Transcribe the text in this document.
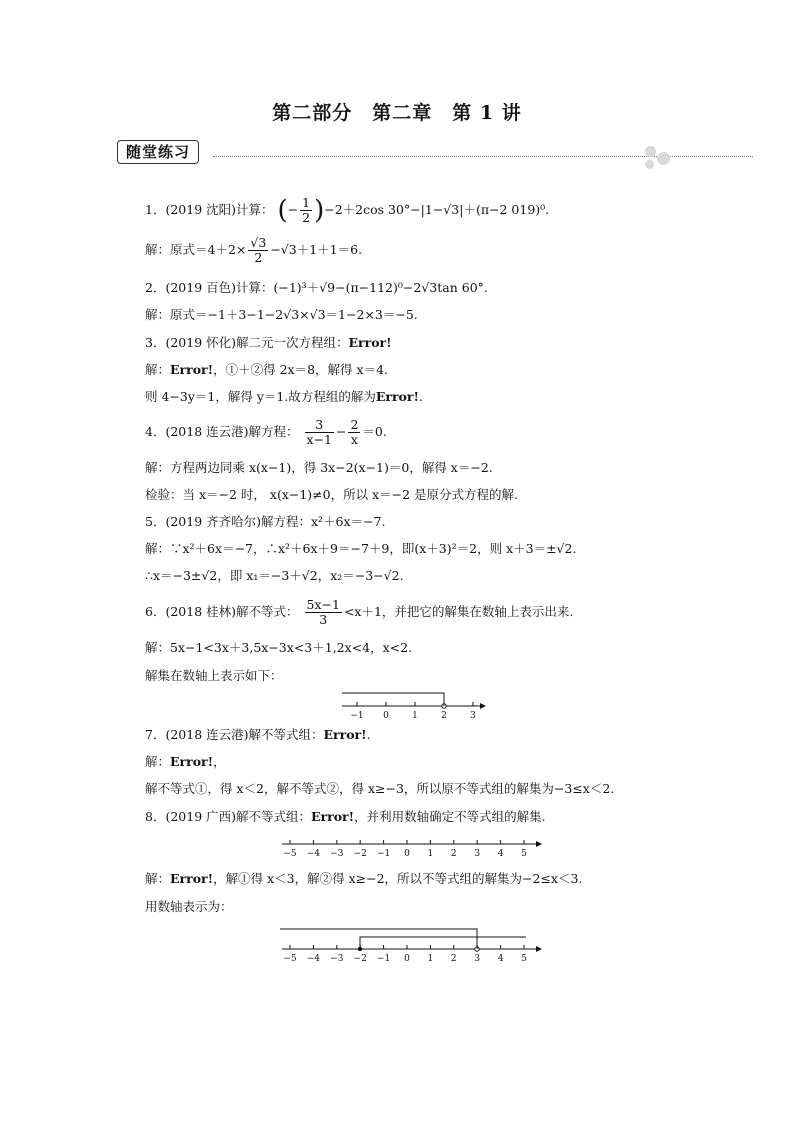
第二部分　第二章　第 1 讲
随堂练习
1．(2019 沈阳)计算： (− $\frac{1}{2} )-2+2\cos$ 30°−|1−√3|＋(π−2 019)⁰.
解：原式$=4+2\times \frac{√3}{2} -√3+1+1=6$.
2．(2019 百色)计算：(−1)³＋√9−(π−112)⁰−2√3tan 60°.
解：原式＝−1＋3−1−2√3×√3＝1−2×3＝−5.
3．(2019 怀化)解二元一次方程组：Error!
解：Error!，①＋②得 2x＝8，解得 x＝4.
则 4−3y＝1，解得 y＝1.故方程组的解为Error!.
4．(2018 连云港)解方程： $\frac{3}{x-1} - \frac{2}{x} =0$.
解：方程两边同乘 x(x−1)，得 3x−2(x−1)＝0，解得 x＝−2.
检验：当 x＝−2 时， x(x−1)≠0，所以 x＝−2 是原分式方程的解.
5．(2019 齐齐哈尔)解方程：x²＋6x＝−7.
解：∵x²＋6x＝−7，∴x²＋6x＋9＝−7＋9，即(x＋3)²＝2，则 x＋3＝±√2.
∴x＝−3±√2，即 x₁＝−3＋√2，x₂＝−3−√2.
6．(2018 桂林)解不等式： $\frac{5x-1}{3} <x+1$，并把它的解集在数轴上表示出来.
解：5x−1<3x＋3,5x−3x<3＋1,2x<4，x<2.
解集在数轴上表示如下：
−1 0	1	2	3
7．(2018 连云港)解不等式组：Error!.
解：Error!，
解不等式①，得 x＜2，解不等式②，得 x≥−3，所以原不等式组的解集为−3≤x＜2.
8．(2019 广西)解不等式组：Error!，并利用数轴确定不等式组的解集.
−5 −4 −3 −2 −1 0 1 2 3 4 5
解：Error!，解①得 x＜3，解②得 x≥−2，所以不等式组的解集为−2≤x＜3.
用数轴表示为：
−5 −4 −3 −2 −1 0 1 2 3 4 5
